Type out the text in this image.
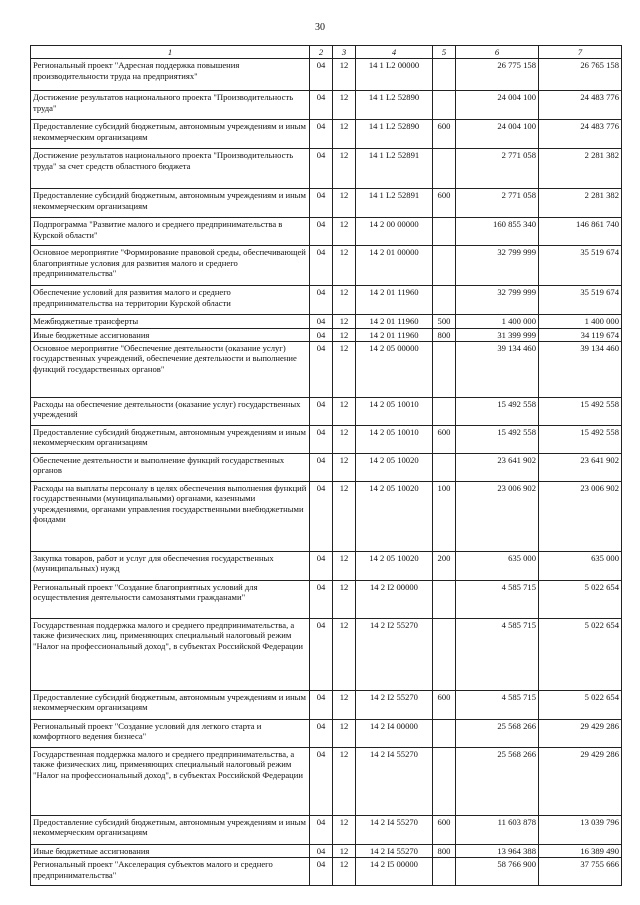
30
1	2	3	4	5	6	7
Региональный проект "Адресная поддержка повышения производительности труда на предприятиях"	04	12	14 1 L2 00000		26 775 158	26 765 158
Достижение результатов национального проекта "Производительность труда"	04	12	14 1 L2 52890		24 004 100	24 483 776
Предоставление субсидий бюджетным, автономным учреждениям и иным некоммерческим организациям	04	12	14 1 L2 52890	600	24 004 100	24 483 776
Достижение результатов национального проекта "Производительность труда" за счет средств областного бюджета	04	12	14 1 L2 52891		2 771 058	2 281 382
Предоставление субсидий бюджетным, автономным учреждениям и иным некоммерческим организациям	04	12	14 1 L2 52891	600	2 771 058	2 281 382
Подпрограмма "Развитие малого и среднего предпринимательства в Курской области"	04	12	14 2 00 00000		160 855 340	146 861 740
Основное мероприятие "Формирование правовой среды, обеспечивающей благоприятные условия для развития малого и среднего предпринимательства"	04	12	14 2 01 00000		32 799 999	35 519 674
Обеспечение условий для развития малого и среднего предпринимательства на территории Курской области	04	12	14 2 01 11960		32 799 999	35 519 674
Межбюджетные трансферты	04	12	14 2 01 11960	500	1 400 000	1 400 000
Иные бюджетные ассигнования	04	12	14 2 01 11960	800	31 399 999	34 119 674
Основное мероприятие "Обеспечение деятельности (оказание услуг) государственных учреждений, обеспечение деятельности и выполнение функций государственных органов"	04	12	14 2 05 00000		39 134 460	39 134 460
Расходы на обеспечение деятельности (оказание услуг) государственных учреждений	04	12	14 2 05 10010		15 492 558	15 492 558
Предоставление субсидий бюджетным, автономным учреждениям и иным некоммерческим организациям	04	12	14 2 05 10010	600	15 492 558	15 492 558
Обеспечение деятельности и выполнение функций государственных органов	04	12	14 2 05 10020		23 641 902	23 641 902
Расходы на выплаты персоналу в целях обеспечения выполнения функций государственными (муниципальными) органами, казенными учреждениями, органами управления государственными внебюджетными фондами	04	12	14 2 05 10020	100	23 006 902	23 006 902
Закупка товаров, работ и услуг для обеспечения государственных (муниципальных) нужд	04	12	14 2 05 10020	200	635 000	635 000
Региональный проект "Создание благоприятных условий для осуществления деятельности самозанятыми гражданами"	04	12	14 2 I2 00000		4 585 715	5 022 654
Государственная поддержка малого и среднего предпринимательства, а также физических лиц, применяющих специальный налоговый режим "Налог на профессиональный доход", в субъектах Российской Федерации	04	12	14 2 I2 55270		4 585 715	5 022 654
Предоставление субсидий бюджетным, автономным учреждениям и иным некоммерческим организациям	04	12	14 2 I2 55270	600	4 585 715	5 022 654
Региональный проект "Создание условий для легкого старта и комфортного ведения бизнеса"	04	12	14 2 I4 00000		25 568 266	29 429 286
Государственная поддержка малого и среднего предпринимательства, а также физических лиц, применяющих специальный налоговый режим "Налог на профессиональный доход", в субъектах Российской Федерации	04	12	14 2 I4 55270		25 568 266	29 429 286
Предоставление субсидий бюджетным, автономным учреждениям и иным некоммерческим организациям	04	12	14 2 I4 55270	600	11 603 878	13 039 796
Иные бюджетные ассигнования	04	12	14 2 I4 55270	800	13 964 388	16 389 490
Региональный проект "Акселерация субъектов малого и среднего предпринимательства"	04	12	14 2 I5 00000		58 766 900	37 755 666
